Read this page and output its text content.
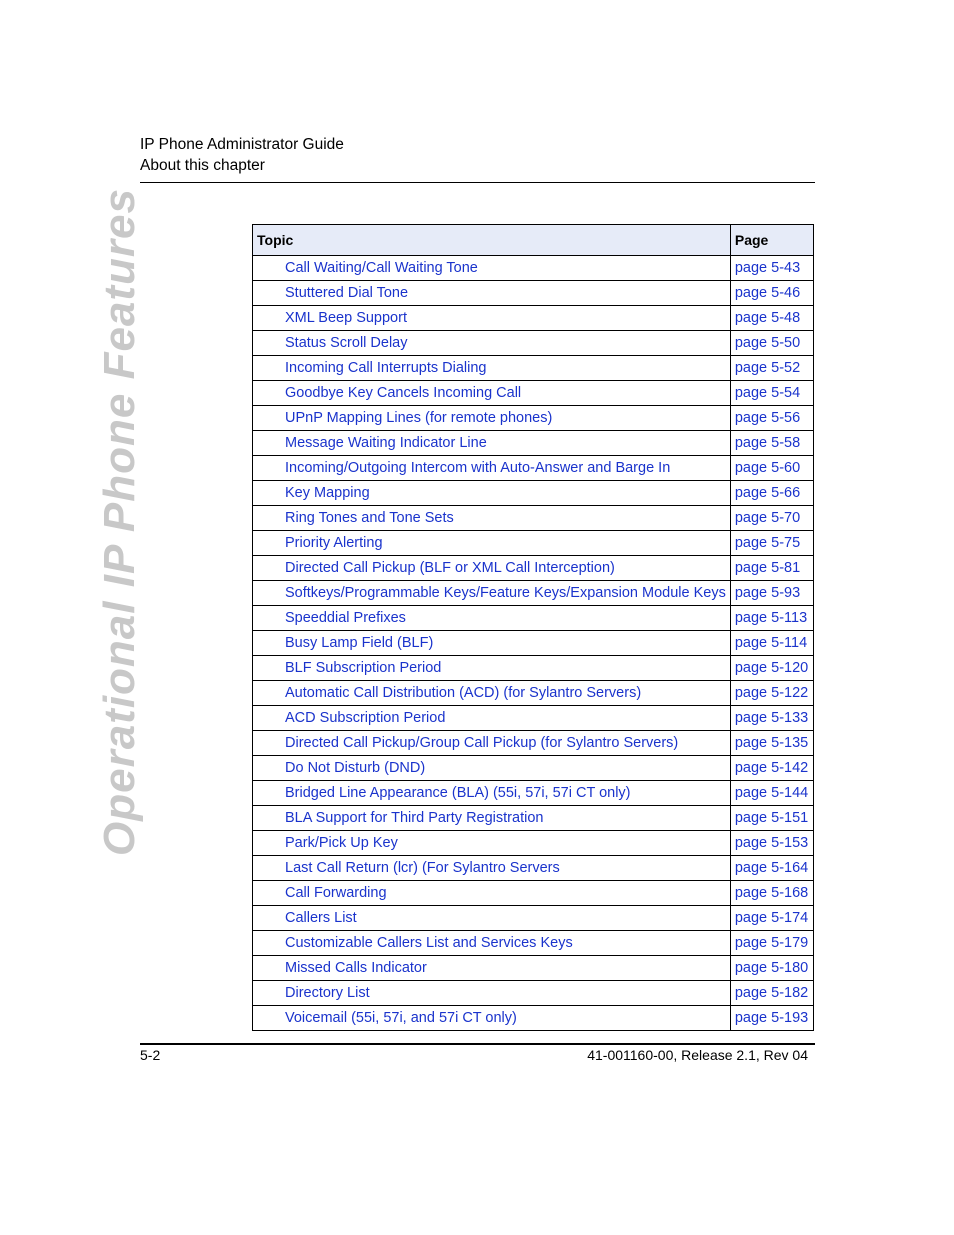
IP Phone Administrator Guide
About this chapter
Operational IP Phone Features	Topic	Page
Call Waiting/Call Waiting Tone	page 5-43
Stuttered Dial Tone	page 5-46
XML Beep Support	page 5-48
Status Scroll Delay	page 5-50
Incoming Call Interrupts Dialing	page 5-52
Goodbye Key Cancels Incoming Call	page 5-54
UPnP Mapping Lines (for remote phones)	page 5-56
Message Waiting Indicator Line	page 5-58
Incoming/Outgoing Intercom with Auto-Answer and Barge In	page 5-60
Key Mapping	page 5-66
Ring Tones and Tone Sets	page 5-70
Priority Alerting	page 5-75
Directed Call Pickup (BLF or XML Call Interception)	page 5-81
Softkeys/Programmable Keys/Feature Keys/Expansion Module Keys	page 5-93
Speeddial Prefixes	page 5-113
Busy Lamp Field (BLF)	page 5-114
BLF Subscription Period	page 5-120
Automatic Call Distribution (ACD) (for Sylantro Servers)	page 5-122
ACD Subscription Period	page 5-133
Directed Call Pickup/Group Call Pickup (for Sylantro Servers)	page 5-135
Do Not Disturb (DND)	page 5-142
Bridged Line Appearance (BLA) (55i, 57i, 57i CT only)	page 5-144
BLA Support for Third Party Registration	page 5-151
Park/Pick Up Key	page 5-153
Last Call Return (lcr) (For Sylantro Servers	page 5-164
Call Forwarding	page 5-168
Callers List	page 5-174
Customizable Callers List and Services Keys	page 5-179
Missed Calls Indicator	page 5-180
Directory List	page 5-182
Voicemail (55i, 57i, and 57i CT only)	page 5-193
5-2	41-001160-00, Release 2.1, Rev 04
